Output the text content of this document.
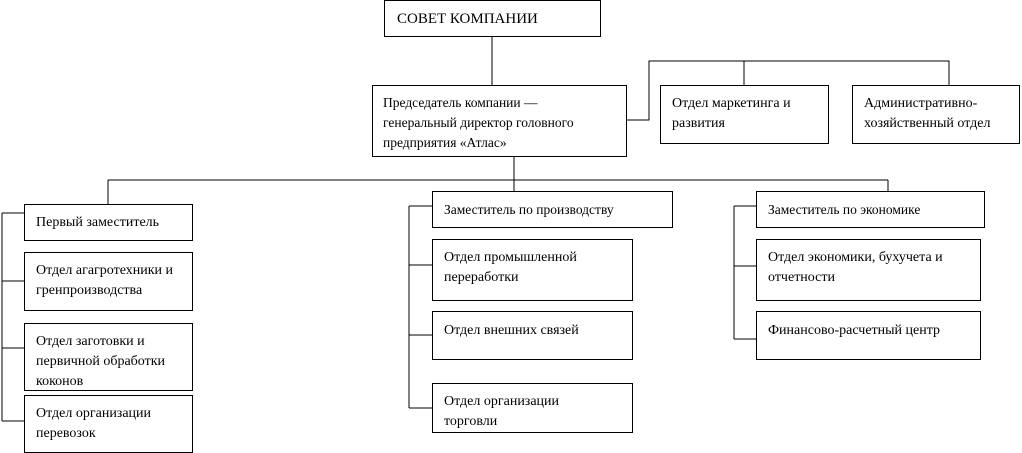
СОВЕТ КОМПАНИИ
Председатель компании —
генеральный директор головного
предприятия «Атлас»
Отдел маркетинга и
развития
Административно-
хозяйственный отдел
Первый заместитель
Отдел агагротехники и
гренпроизводства
Отдел заготовки и
первичной обработки
коконов
Отдел организации
перевозок
Заместитель по производству
Отдел промышленной
переработки
Отдел внешних связей
Отдел организации
торговли
Заместитель по экономике
Отдел экономики, бухучета и
отчетности
Финансово-расчетный центр
